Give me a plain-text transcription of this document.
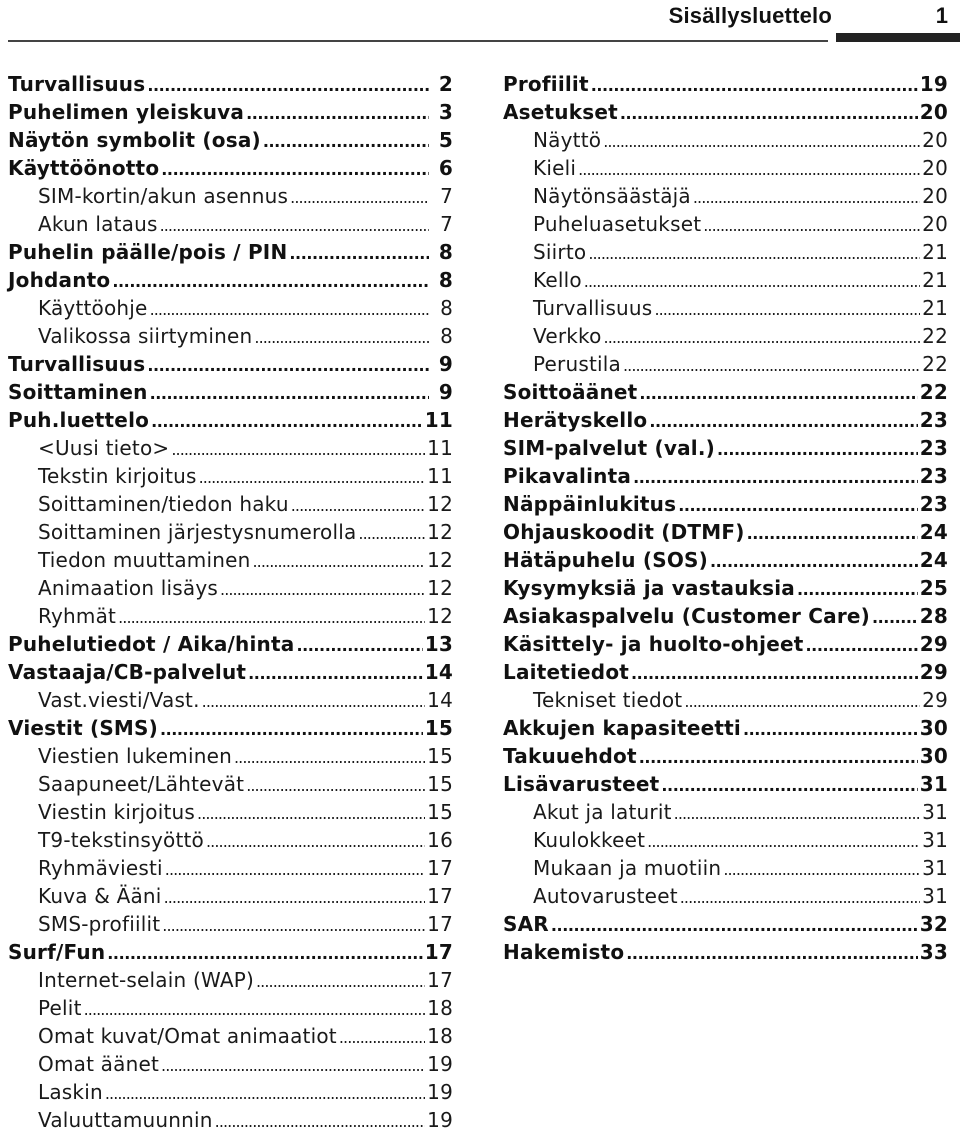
Sisällysluettelo	1
Turvallisuus . . .	2
Puhelimen yleiskuva . . .	3
Näytön symbolit (osa) . . .	5
Käyttöönotto . . .	6
SIM-kortin/akun asennus . . .	7
Akun lataus . . .	7
Puhelin päälle/pois / PIN . . .	8
Johdanto . . .	8
Käyttöohje . . .	8
Valikossa siirtyminen . . .	8
Turvallisuus . . .	9
Soittaminen . . .	9
Puh.luettelo . . .	11
<Uusi tieto> . . .	11
Tekstin kirjoitus . . .	11
Soittaminen/tiedon haku . . .	12
Soittaminen järjestysnumerolla . . .	12
Tiedon muuttaminen . . .	12
Animaation lisäys . . .	12
Ryhmät . . .	12
Puhelutiedot / Aika/hinta . . .	13
Vastaaja/CB-palvelut . . .	14
Vast.viesti/Vast. . . .	14
Viestit (SMS) . . .	15
Viestien lukeminen . . .	15
Saapuneet/Lähtevät . . .	15
Viestin kirjoitus . . .	15
T9-tekstinsyöttö . . .	16
Ryhmäviesti . . .	17
Kuva & Ääni . . .	17
SMS-profiilit . . .	17
Surf/Fun . . .	17
Internet-selain (WAP) . . .	17
Pelit . . .	18
Omat kuvat/Omat animaatiot . . .	18
Omat äänet . . .	19
Laskin . . .	19
Valuuttamuunnin . . .	19
Profiilit . . .	19
Asetukset . . .	20
Näyttö . . .	20
Kieli . . .	20
Näytönsäästäjä . . .	20
Puheluasetukset . . .	20
Siirto . . .	21
Kello . . .	21
Turvallisuus . . .	21
Verkko . . .	22
Perustila . . .	22
Soittoäänet . . .	22
Herätyskello . . .	23
SIM-palvelut (val.) . . .	23
Pikavalinta . . .	23
Näppäinlukitus . . .	23
Ohjauskoodit (DTMF) . . .	24
Hätäpuhelu (SOS) . . .	24
Kysymyksiä ja vastauksia . . .	25
Asiakaspalvelu (Customer Care) . . . 28
Käsittely- ja huolto-ohjeet . . .	29
Laitetiedot . . .	29
Tekniset tiedot . . .	29
Akkujen kapasiteetti . . .	30
Takuuehdot . . .	30
Lisävarusteet . . .	31
Akut ja laturit . . .	31
Kuulokkeet . . .	31
Mukaan ja muotiin . . .	31
Autovarusteet . . .	31
SAR . . .	32
Hakemisto . . .	33
